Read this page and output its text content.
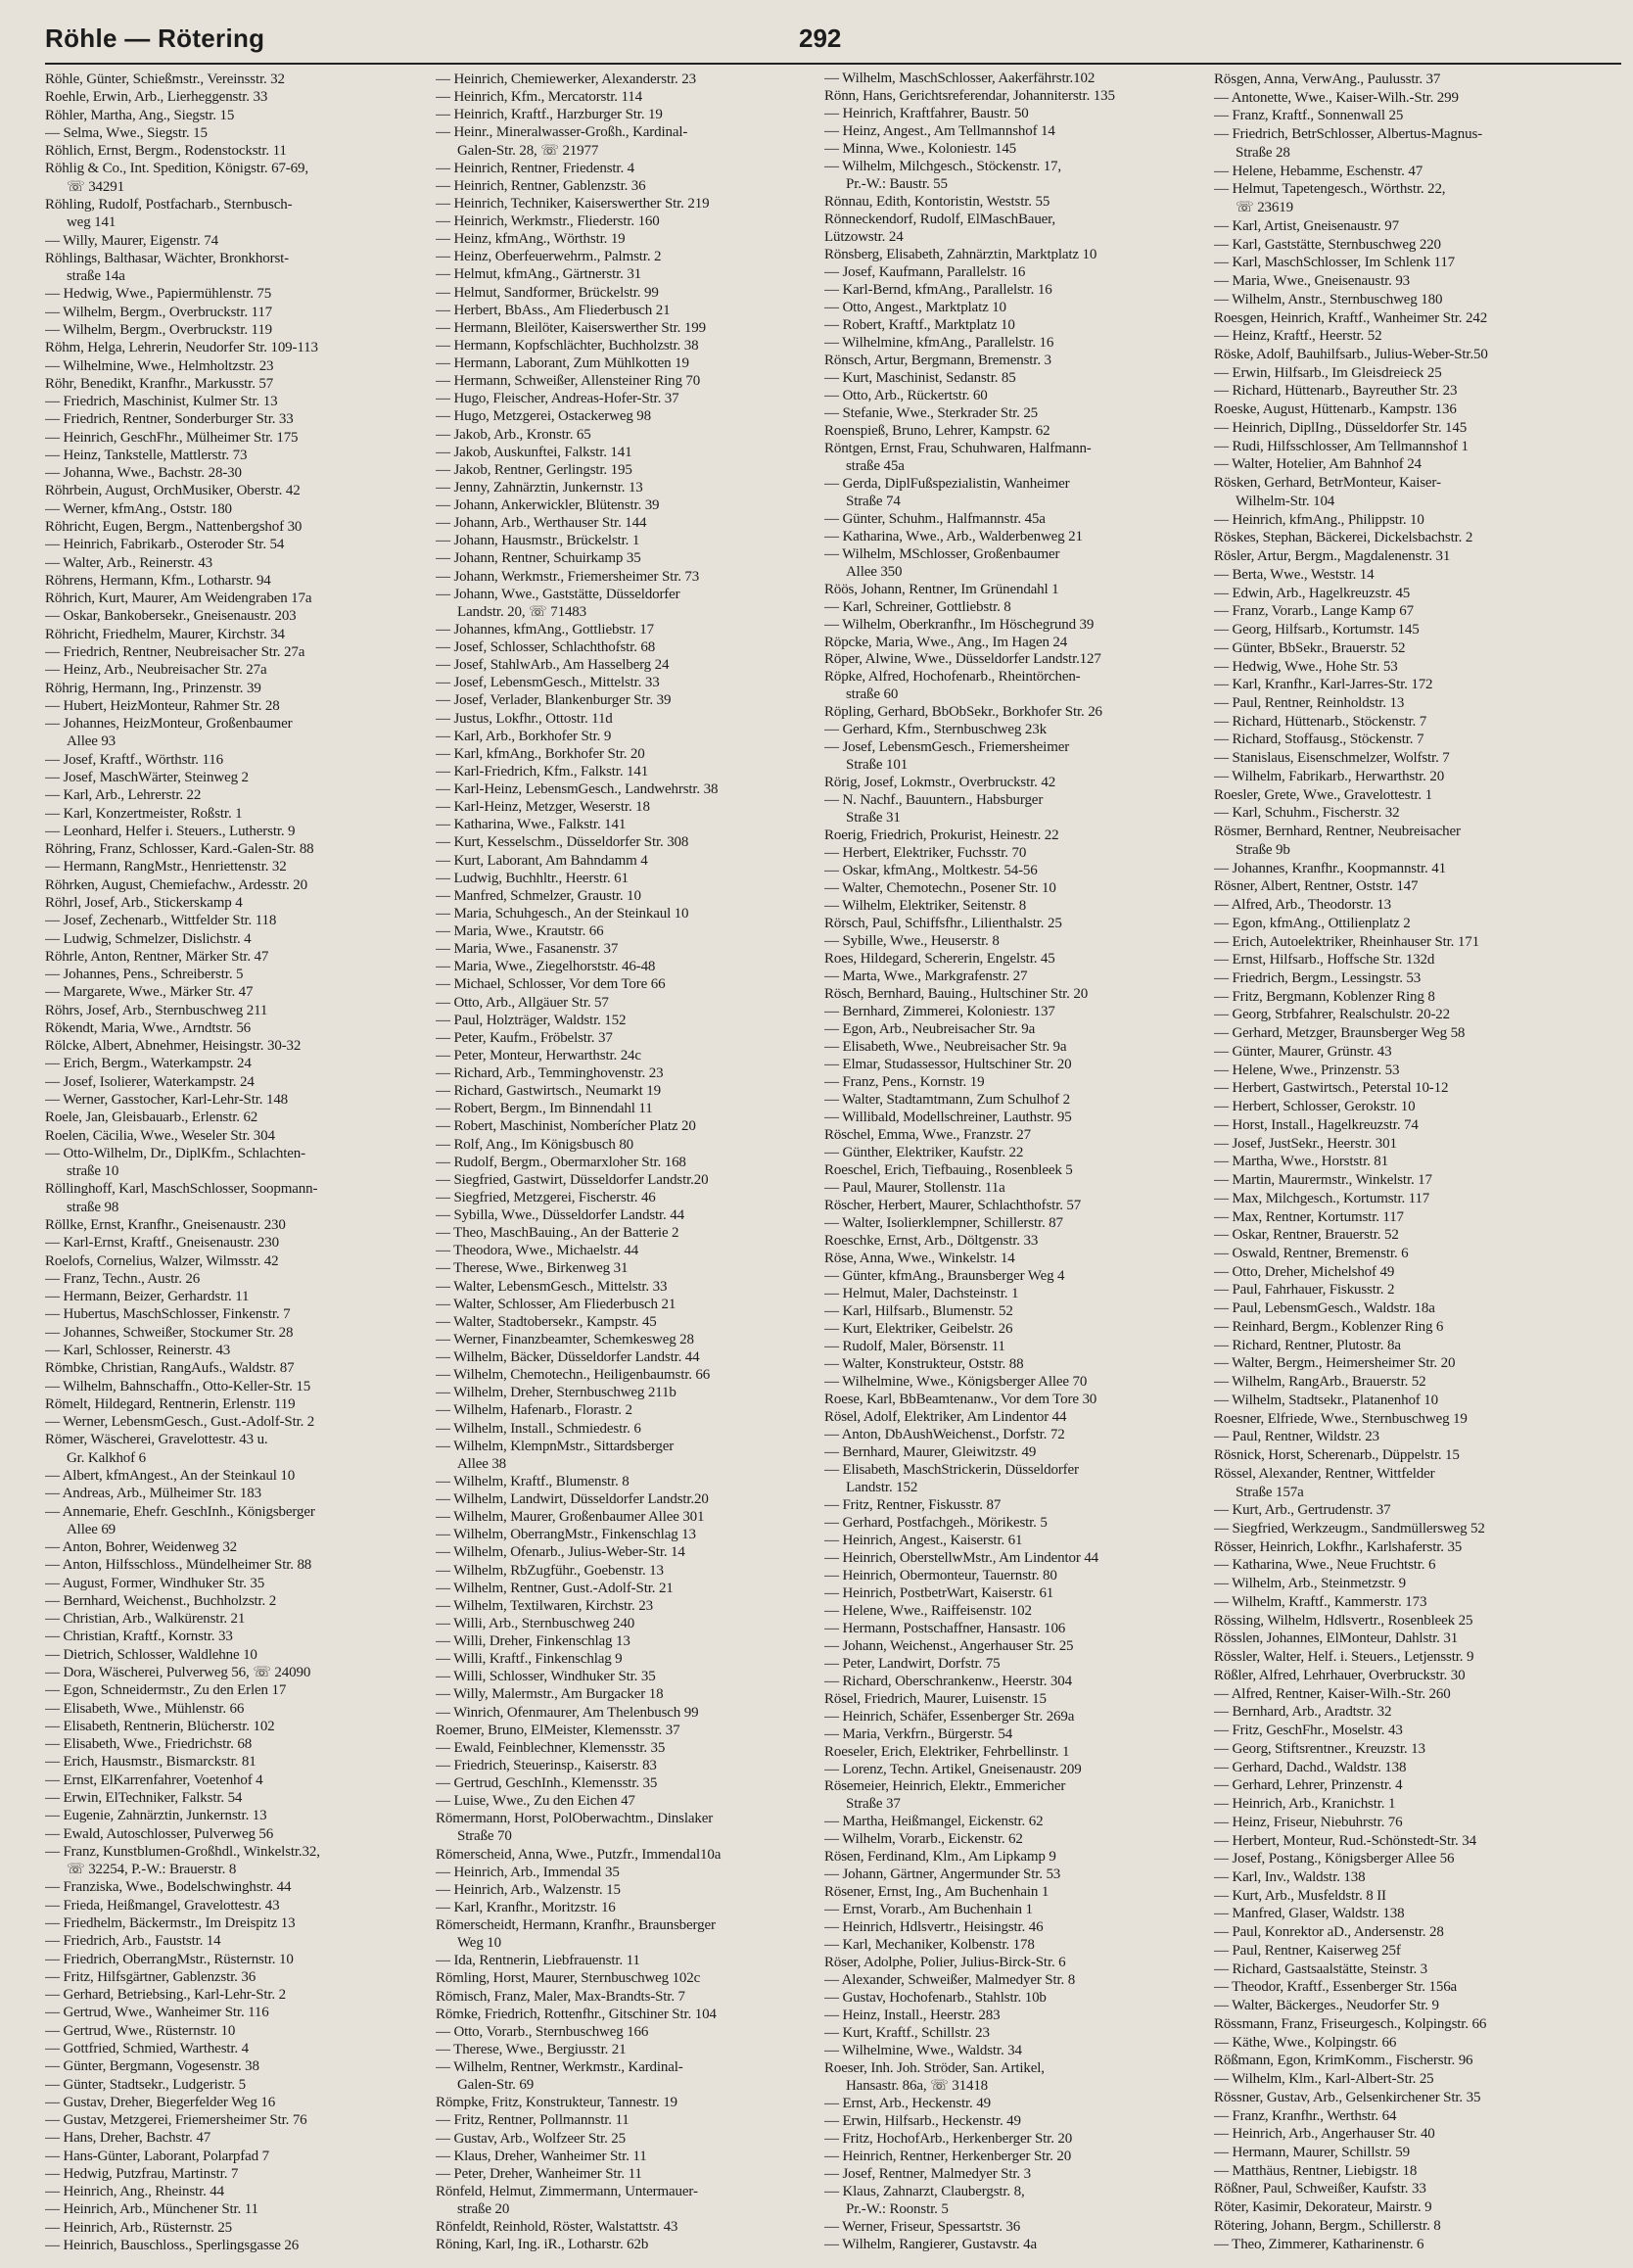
Röhle — Rötering	292
Röhle, Günter, Schießmstr., Vereinsstr. 32
Roehle, Erwin, Arb., Lierheggenstr. 33
Röhler, Martha, Ang., Siegstr. 15
— Selma, Wwe., Siegstr. 15
Röhlich, Ernst, Bergm., Rodenstockstr. 11
Röhlig & Co., Int. Spedition, Königstr. 67-69,
☏ 34291
Röhling, Rudolf, Postfacharb., Sternbusch-
weg 141
— Willy, Maurer, Eigenstr. 74
Röhlings, Balthasar, Wächter, Bronkhorst-
straße 14a
— Hedwig, Wwe., Papiermühlenstr. 75
— Wilhelm, Bergm., Overbruckstr. 117
— Wilhelm, Bergm., Overbruckstr. 119
Röhm, Helga, Lehrerin, Neudorfer Str. 109-113
— Wilhelmine, Wwe., Helmholtzstr. 23
Röhr, Benedikt, Kranfhr., Markusstr. 57
— Friedrich, Maschinist, Kulmer Str. 13
— Friedrich, Rentner, Sonderburger Str. 33
— Heinrich, GeschFhr., Mülheimer Str. 175
— Heinz, Tankstelle, Mattlerstr. 73
— Johanna, Wwe., Bachstr. 28-30
Röhrbein, August, OrchMusiker, Oberstr. 42
— Werner, kfmAng., Oststr. 180
Röhricht, Eugen, Bergm., Nattenbergshof 30
— Heinrich, Fabrikarb., Osteroder Str. 54
— Walter, Arb., Reinerstr. 43
Röhrens, Hermann, Kfm., Lotharstr. 94
Röhrich, Kurt, Maurer, Am Weidengraben 17a
— Oskar, Bankobersekr., Gneisenaustr. 203
Röhricht, Friedhelm, Maurer, Kirchstr. 34
— Friedrich, Rentner, Neubreisacher Str. 27a
— Heinz, Arb., Neubreisacher Str. 27a
Röhrig, Hermann, Ing., Prinzenstr. 39
— Hubert, HeizMonteur, Rahmer Str. 28
— Johannes, HeizMonteur, Großenbaumer
Allee 93
— Josef, Kraftf., Wörthstr. 116
— Josef, MaschWärter, Steinweg 2
— Karl, Arb., Lehrerstr. 22
— Karl, Konzertmeister, Roßstr. 1
— Leonhard, Helfer i. Steuers., Lutherstr. 9
Röhring, Franz, Schlosser, Kard.-Galen-Str. 88
— Hermann, RangMstr., Henriettenstr. 32
Röhrken, August, Chemiefachw., Ardesstr. 20
Röhrl, Josef, Arb., Stickerskamp 4
— Josef, Zechenarb., Wittfelder Str. 118
— Ludwig, Schmelzer, Dislichstr. 4
Röhrle, Anton, Rentner, Märker Str. 47
— Johannes, Pens., Schreiberstr. 5
— Margarete, Wwe., Märker Str. 47
Röhrs, Josef, Arb., Sternbuschweg 211
Rökendt, Maria, Wwe., Arndtstr. 56
Rölcke, Albert, Abnehmer, Heisingstr. 30-32
— Erich, Bergm., Waterkampstr. 24
— Josef, Isolierer, Waterkampstr. 24
— Werner, Gasstocher, Karl-Lehr-Str. 148
Roele, Jan, Gleisbauarb., Erlenstr. 62
Roelen, Cäcilia, Wwe., Weseler Str. 304
— Otto-Wilhelm, Dr., DiplKfm., Schlachten-
straße 10
Röllinghoff, Karl, MaschSchlosser, Soopmann-
straße 98
Röllke, Ernst, Kranfhr., Gneisenaustr. 230
— Karl-Ernst, Kraftf., Gneisenaustr. 230
Roelofs, Cornelius, Walzer, Wilmsstr. 42
— Franz, Techn., Austr. 26
— Hermann, Beizer, Gerhardstr. 11
— Hubertus, MaschSchlosser, Finkenstr. 7
— Johannes, Schweißer, Stockumer Str. 28
— Karl, Schlosser, Reinerstr. 43
Römbke, Christian, RangAufs., Waldstr. 87
— Wilhelm, Bahnschaffn., Otto-Keller-Str. 15
Römelt, Hildegard, Rentnerin, Erlenstr. 119
— Werner, LebensmGesch., Gust.-Adolf-Str. 2
Römer, Wäscherei, Gravelottestr. 43 u.
Gr. Kalkhof 6
— Albert, kfmAngest., An der Steinkaul 10
— Andreas, Arb., Mülheimer Str. 183
— Annemarie, Ehefr. GeschInh., Königsberger
Allee 69
— Anton, Bohrer, Weidenweg 32
— Anton, Hilfsschloss., Mündelheimer Str. 88
— August, Former, Windhuker Str. 35
— Bernhard, Weichenst., Buchholzstr. 2
— Christian, Arb., Walkürenstr. 21
— Christian, Kraftf., Kornstr. 33
— Dietrich, Schlosser, Waldlehne 10
— Dora, Wäscherei, Pulverweg 56, ☏ 24090
— Egon, Schneidermstr., Zu den Erlen 17
— Elisabeth, Wwe., Mühlenstr. 66
— Elisabeth, Rentnerin, Blücherstr. 102
— Elisabeth, Wwe., Friedrichstr. 68
— Erich, Hausmstr., Bismarckstr. 81
— Ernst, ElKarrenfahrer, Voetenhof 4
— Erwin, ElTechniker, Falkstr. 54
— Eugenie, Zahnärztin, Junkernstr. 13
— Ewald, Autoschlosser, Pulverweg 56
— Franz, Kunstblumen-Großhdl., Winkelstr.32,
☏ 32254, P.-W.: Brauerstr. 8
— Franziska, Wwe., Bodelschwinghstr. 44
— Frieda, Heißmangel, Gravelottestr. 43
— Friedhelm, Bäckermstr., Im Dreispitz 13
— Friedrich, Arb., Fauststr. 14
— Friedrich, OberrangMstr., Rüsternstr. 10
— Fritz, Hilfsgärtner, Gablenzstr. 36
— Gerhard, Betriebsing., Karl-Lehr-Str. 2
— Gertrud, Wwe., Wanheimer Str. 116
— Gertrud, Wwe., Rüsternstr. 10
— Gottfried, Schmied, Warthestr. 4
— Günter, Bergmann, Vogesenstr. 38
— Günter, Stadtsekr., Ludgeristr. 5
— Gustav, Dreher, Biegerfelder Weg 16
— Gustav, Metzgerei, Friemersheimer Str. 76
— Hans, Dreher, Bachstr. 47
— Hans-Günter, Laborant, Polarpfad 7
— Hedwig, Putzfrau, Martinstr. 7
— Heinrich, Ang., Rheinstr. 44
— Heinrich, Arb., Münchener Str. 11
— Heinrich, Arb., Rüsternstr. 25
— Heinrich, Bauschloss., Sperlingsgasse 26
— Heinrich, Chemiewerker, Alexanderstr. 23
— Heinrich, Kfm., Mercatorstr. 114
— Heinrich, Kraftf., Harzburger Str. 19
— Heinr., Mineralwasser-Großh., Kardinal-
Galen-Str. 28, ☏ 21977
— Heinrich, Rentner, Friedenstr. 4
— Heinrich, Rentner, Gablenzstr. 36
— Heinrich, Techniker, Kaiserswerther Str. 219
— Heinrich, Werkmstr., Fliederstr. 160
— Heinz, kfmAng., Wörthstr. 19
— Heinz, Oberfeuerwehrm., Palmstr. 2
— Helmut, kfmAng., Gärtnerstr. 31
— Helmut, Sandformer, Brückelstr. 99
— Herbert, BbAss., Am Fliederbusch 21
— Hermann, Bleilöter, Kaiserswerther Str. 199
— Hermann, Kopfschlächter, Buchholzstr. 38
— Hermann, Laborant, Zum Mühlkotten 19
— Hermann, Schweißer, Allensteiner Ring 70
— Hugo, Fleischer, Andreas-Hofer-Str. 37
— Hugo, Metzgerei, Ostackerweg 98
— Jakob, Arb., Kronstr. 65
— Jakob, Auskunftei, Falkstr. 141
— Jakob, Rentner, Gerlingstr. 195
— Jenny, Zahnärztin, Junkernstr. 13
— Johann, Ankerwickler, Blütenstr. 39
— Johann, Arb., Werthauser Str. 144
— Johann, Hausmstr., Brückelstr. 1
— Johann, Rentner, Schuirkamp 35
— Johann, Werkmstr., Friemersheimer Str. 73
— Johann, Wwe., Gaststätte, Düsseldorfer
Landstr. 20, ☏ 71483
— Johannes, kfmAng., Gottliebstr. 17
— Josef, Schlosser, Schlachthofstr. 68
— Josef, StahlwArb., Am Hasselberg 24
— Josef, LebensmGesch., Mittelstr. 33
— Josef, Verlader, Blankenburger Str. 39
— Justus, Lokfhr., Ottostr. 11d
— Karl, Arb., Borkhofer Str. 9
— Karl, kfmAng., Borkhofer Str. 20
— Karl-Friedrich, Kfm., Falkstr. 141
— Karl-Heinz, LebensmGesch., Landwehrstr. 38
— Karl-Heinz, Metzger, Weserstr. 18
— Katharina, Wwe., Falkstr. 141
— Kurt, Kesselschm., Düsseldorfer Str. 308
— Kurt, Laborant, Am Bahndamm 4
— Ludwig, Buchhltr., Heerstr. 61
— Manfred, Schmelzer, Graustr. 10
— Maria, Schuhgesch., An der Steinkaul 10
— Maria, Wwe., Krautstr. 66
— Maria, Wwe., Fasanenstr. 37
— Maria, Wwe., Ziegelhorststr. 46-48
— Michael, Schlosser, Vor dem Tore 66
— Otto, Arb., Allgäuer Str. 57
— Paul, Holzträger, Waldstr. 152
— Peter, Kaufm., Fröbelstr. 37
— Peter, Monteur, Herwarthstr. 24c
— Richard, Arb., Temminghovenstr. 23
— Richard, Gastwirtsch., Neumarkt 19
— Robert, Bergm., Im Binnendahl 11
— Robert, Maschinist, Nomberícher Platz 20
— Rolf, Ang., Im Königsbusch 80
— Rudolf, Bergm., Obermarxloher Str. 168
— Siegfried, Gastwirt, Düsseldorfer Landstr.20
— Siegfried, Metzgerei, Fischerstr. 46
— Sybilla, Wwe., Düsseldorfer Landstr. 44
— Theo, MaschBauing., An der Batterie 2
— Theodora, Wwe., Michaelstr. 44
— Therese, Wwe., Birkenweg 31
— Walter, LebensmGesch., Mittelstr. 33
— Walter, Schlosser, Am Fliederbusch 21
— Walter, Stadtobersekr., Kampstr. 45
— Werner, Finanzbeamter, Schemkesweg 28
— Wilhelm, Bäcker, Düsseldorfer Landstr. 44
— Wilhelm, Chemotechn., Heiligenbaumstr. 66
— Wilhelm, Dreher, Sternbuschweg 211b
— Wilhelm, Hafenarb., Florastr. 2
— Wilhelm, Install., Schmiedestr. 6
— Wilhelm, KlempnMstr., Sittardsberger
Allee 38
— Wilhelm, Kraftf., Blumenstr. 8
— Wilhelm, Landwirt, Düsseldorfer Landstr.20
— Wilhelm, Maurer, Großenbaumer Allee 301
— Wilhelm, OberrangMstr., Finkenschlag 13
— Wilhelm, Ofenarb., Julius-Weber-Str. 14
— Wilhelm, RbZugführ., Goebenstr. 13
— Wilhelm, Rentner, Gust.-Adolf-Str. 21
— Wilhelm, Textilwaren, Kirchstr. 23
— Willi, Arb., Sternbuschweg 240
— Willi, Dreher, Finkenschlag 13
— Willi, Kraftf., Finkenschlag 9
— Willi, Schlosser, Windhuker Str. 35
— Willy, Malermstr., Am Burgacker 18
— Winrich, Ofenmaurer, Am Thelenbusch 99
Roemer, Bruno, ElMeister, Klemensstr. 37
— Ewald, Feinblechner, Klemensstr. 35
— Friedrich, Steuerinsp., Kaiserstr. 83
— Gertrud, GeschInh., Klemensstr. 35
— Luise, Wwe., Zu den Eichen 47
Römermann, Horst, PolOberwachtm., Dinslaker
Straße 70
Römerscheid, Anna, Wwe., Putzfr., Immendal10a
— Heinrich, Arb., Immendal 35
— Heinrich, Arb., Walzenstr. 15
— Karl, Kranfhr., Moritzstr. 16
Römerscheidt, Hermann, Kranfhr., Braunsberger
Weg 10
— Ida, Rentnerin, Liebfrauenstr. 11
Römling, Horst, Maurer, Sternbuschweg 102c
Römisch, Franz, Maler, Max-Brandts-Str. 7
Römke, Friedrich, Rottenfhr., Gitschiner Str. 104
— Otto, Vorarb., Sternbuschweg 166
— Therese, Wwe., Bergiusstr. 21
— Wilhelm, Rentner, Werkmstr., Kardinal-
Galen-Str. 69
Römpke, Fritz, Konstrukteur, Tannestr. 19
— Fritz, Rentner, Pollmannstr. 11
— Gustav, Arb., Wolfzeer Str. 25
— Klaus, Dreher, Wanheimer Str. 11
— Peter, Dreher, Wanheimer Str. 11
Rönfeld, Helmut, Zimmermann, Untermauer-
straße 20
Rönfeldt, Reinhold, Röster, Walstattstr. 43
Röning, Karl, Ing. iR., Lotharstr. 62b
— Wilhelm, MaschSchlosser, Aakerfährstr.102
Rönn, Hans, Gerichtsreferendar, Johanniterstr. 135
— Heinrich, Kraftfahrer, Baustr. 50
— Heinz, Angest., Am Tellmannshof 14
— Minna, Wwe., Koloniestr. 145
— Wilhelm, Milchgesch., Stöckenstr. 17,
Pr.-W.: Baustr. 55
Rönnau, Edith, Kontoristin, Weststr. 55
Rönneckendorf, Rudolf, ElMaschBauer,
Lützowstr. 24
Rönsberg, Elisabeth, Zahnärztin, Marktplatz 10
— Josef, Kaufmann, Parallelstr. 16
— Karl-Bernd, kfmAng., Parallelstr. 16
— Otto, Angest., Marktplatz 10
— Robert, Kraftf., Marktplatz 10
— Wilhelmine, kfmAng., Parallelstr. 16
Rönsch, Artur, Bergmann, Bremenstr. 3
— Kurt, Maschinist, Sedanstr. 85
— Otto, Arb., Rückertstr. 60
— Stefanie, Wwe., Sterkrader Str. 25
Roenspieß, Bruno, Lehrer, Kampstr. 62
Röntgen, Ernst, Frau, Schuhwaren, Halfmann-
straße 45a
— Gerda, DiplFußspezialistin, Wanheimer
Straße 74
— Günter, Schuhm., Halfmannstr. 45a
— Katharina, Wwe., Arb., Walderbenweg 21
— Wilhelm, MSchlosser, Großenbaumer
Allee 350
Röös, Johann, Rentner, Im Grünendahl 1
— Karl, Schreiner, Gottliebstr. 8
— Wilhelm, Oberkranfhr., Im Höschegrund 39
Röpcke, Maria, Wwe., Ang., Im Hagen 24
Röper, Alwine, Wwe., Düsseldorfer Landstr.127
Röpke, Alfred, Hochofenarb., Rheintörchen-
straße 60
Röpling, Gerhard, BbObSekr., Borkhofer Str. 26
— Gerhard, Kfm., Sternbuschweg 23k
— Josef, LebensmGesch., Friemersheimer
Straße 101
Rörig, Josef, Lokmstr., Overbruckstr. 42
— N. Nachf., Bauuntern., Habsburger
Straße 31
Roerig, Friedrich, Prokurist, Heinestr. 22
— Herbert, Elektriker, Fuchsstr. 70
— Oskar, kfmAng., Moltkestr. 54-56
— Walter, Chemotechn., Posener Str. 10
— Wilhelm, Elektriker, Seitenstr. 8
Rörsch, Paul, Schiffsfhr., Lilienthalstr. 25
— Sybille, Wwe., Heuserstr. 8
Roes, Hildegard, Schererin, Engelstr. 45
— Marta, Wwe., Markgrafenstr. 27
Rösch, Bernhard, Bauing., Hultschiner Str. 20
— Bernhard, Zimmerei, Koloniestr. 137
— Egon, Arb., Neubreisacher Str. 9a
— Elisabeth, Wwe., Neubreisacher Str. 9a
— Elmar, Studassessor, Hultschiner Str. 20
— Franz, Pens., Kornstr. 19
— Walter, Stadtamtmann, Zum Schulhof 2
— Willibald, Modellschreiner, Lauthstr. 95
Röschel, Emma, Wwe., Franzstr. 27
— Günther, Elektriker, Kaufstr. 22
Roeschel, Erich, Tiefbauing., Rosenbleek 5
— Paul, Maurer, Stollenstr. 11a
Röscher, Herbert, Maurer, Schlachthofstr. 57
— Walter, Isolierklempner, Schillerstr. 87
Roeschke, Ernst, Arb., Döltgenstr. 33
Röse, Anna, Wwe., Winkelstr. 14
— Günter, kfmAng., Braunsberger Weg 4
— Helmut, Maler, Dachsteinstr. 1
— Karl, Hilfsarb., Blumenstr. 52
— Kurt, Elektriker, Geibelstr. 26
— Rudolf, Maler, Börsenstr. 11
— Walter, Konstrukteur, Oststr. 88
— Wilhelmine, Wwe., Königsberger Allee 70
Roese, Karl, BbBeamtenanw., Vor dem Tore 30
Rösel, Adolf, Elektriker, Am Lindentor 44
— Anton, DbAushWeichenst., Dorfstr. 72
— Bernhard, Maurer, Gleiwitzstr. 49
— Elisabeth, MaschStrickerin, Düsseldorfer
Landstr. 152
— Fritz, Rentner, Fiskusstr. 87
— Gerhard, Postfachgeh., Mörikestr. 5
— Heinrich, Angest., Kaiserstr. 61
— Heinrich, OberstellwMstr., Am Lindentor 44
— Heinrich, Obermonteur, Tauernstr. 80
— Heinrich, PostbetrWart, Kaiserstr. 61
— Helene, Wwe., Raiffeisenstr. 102
— Hermann, Postschaffner, Hansastr. 106
— Johann, Weichenst., Angerhauser Str. 25
— Peter, Landwirt, Dorfstr. 75
— Richard, Oberschrankenw., Heerstr. 304
Rösel, Friedrich, Maurer, Luisenstr. 15
— Heinrich, Schäfer, Essenberger Str. 269a
— Maria, Verkfrn., Bürgerstr. 54
Roeseler, Erich, Elektriker, Fehrbellinstr. 1
— Lorenz, Techn. Artikel, Gneisenaustr. 209
Rösemeier, Heinrich, Elektr., Emmericher
Straße 37
— Martha, Heißmangel, Eickenstr. 62
— Wilhelm, Vorarb., Eickenstr. 62
Rösen, Ferdinand, Klm., Am Lipkamp 9
— Johann, Gärtner, Angermunder Str. 53
Rösener, Ernst, Ing., Am Buchenhain 1
— Ernst, Vorarb., Am Buchenhain 1
— Heinrich, Hdlsvertr., Heisingstr. 46
— Karl, Mechaniker, Kolbenstr. 178
Röser, Adolphe, Polier, Julius-Birck-Str. 6
— Alexander, Schweißer, Malmedyer Str. 8
— Gustav, Hochofenarb., Stahlstr. 10b
— Heinz, Install., Heerstr. 283
— Kurt, Kraftf., Schillstr. 23
— Wilhelmine, Wwe., Waldstr. 34
Roeser, Inh. Joh. Ströder, San. Artikel,
Hansastr. 86a, ☏ 31418
— Ernst, Arb., Heckenstr. 49
— Erwin, Hilfsarb., Heckenstr. 49
— Fritz, HochofArb., Herkenberger Str. 20
— Heinrich, Rentner, Herkenberger Str. 20
— Josef, Rentner, Malmedyer Str. 3
— Klaus, Zahnarzt, Claubergstr. 8,
Pr.-W.: Roonstr. 5
— Werner, Friseur, Spessartstr. 36
— Wilhelm, Rangierer, Gustavstr. 4a
Rösgen, Anna, VerwAng., Paulusstr. 37
— Antonette, Wwe., Kaiser-Wilh.-Str. 299
— Franz, Kraftf., Sonnenwall 25
— Friedrich, BetrSchlosser, Albertus-Magnus-
Straße 28
— Helene, Hebamme, Eschenstr. 47
— Helmut, Tapetengesch., Wörthstr. 22,
☏ 23619
— Karl, Artist, Gneisenaustr. 97
— Karl, Gaststätte, Sternbuschweg 220
— Karl, MaschSchlosser, Im Schlenk 117
— Maria, Wwe., Gneisenaustr. 93
— Wilhelm, Anstr., Sternbuschweg 180
Roesgen, Heinrich, Kraftf., Wanheimer Str. 242
— Heinz, Kraftf., Heerstr. 52
Röske, Adolf, Bauhilfsarb., Julius-Weber-Str.50
— Erwin, Hilfsarb., Im Gleisdreieck 25
— Richard, Hüttenarb., Bayreuther Str. 23
Roeske, August, Hüttenarb., Kampstr. 136
— Heinrich, DiplIng., Düsseldorfer Str. 145
— Rudi, Hilfsschlosser, Am Tellmannshof 1
— Walter, Hotelier, Am Bahnhof 24
Rösken, Gerhard, BetrMonteur, Kaiser-
Wilhelm-Str. 104
— Heinrich, kfmAng., Philippstr. 10
Röskes, Stephan, Bäckerei, Dickelsbachstr. 2
Rösler, Artur, Bergm., Magdalenenstr. 31
— Berta, Wwe., Weststr. 14
— Edwin, Arb., Hagelkreuzstr. 45
— Franz, Vorarb., Lange Kamp 67
— Georg, Hilfsarb., Kortumstr. 145
— Günter, BbSekr., Brauerstr. 52
— Hedwig, Wwe., Hohe Str. 53
— Karl, Kranfhr., Karl-Jarres-Str. 172
— Paul, Rentner, Reinholdstr. 13
— Richard, Hüttenarb., Stöckenstr. 7
— Richard, Stoffausg., Stöckenstr. 7
— Stanislaus, Eisenschmelzer, Wolfstr. 7
— Wilhelm, Fabrikarb., Herwarthstr. 20
Roesler, Grete, Wwe., Gravelottestr. 1
— Karl, Schuhm., Fischerstr. 32
Rösmer, Bernhard, Rentner, Neubreisacher
Straße 9b
— Johannes, Kranfhr., Koopmannstr. 41
Rösner, Albert, Rentner, Oststr. 147
— Alfred, Arb., Theodorstr. 13
— Egon, kfmAng., Ottilienplatz 2
— Erich, Autoelektriker, Rheinhauser Str. 171
— Ernst, Hilfsarb., Hoffsche Str. 132d
— Friedrich, Bergm., Lessingstr. 53
— Fritz, Bergmann, Koblenzer Ring 8
— Georg, Strbfahrer, Realschulstr. 20-22
— Gerhard, Metzger, Braunsberger Weg 58
— Günter, Maurer, Grünstr. 43
— Helene, Wwe., Prinzenstr. 53
— Herbert, Gastwirtsch., Peterstal 10-12
— Herbert, Schlosser, Gerokstr. 10
— Horst, Install., Hagelkreuzstr. 74
— Josef, JustSekr., Heerstr. 301
— Martha, Wwe., Horststr. 81
— Martin, Maurermstr., Winkelstr. 17
— Max, Milchgesch., Kortumstr. 117
— Max, Rentner, Kortumstr. 117
— Oskar, Rentner, Brauerstr. 52
— Oswald, Rentner, Bremenstr. 6
— Otto, Dreher, Michelshof 49
— Paul, Fahrhauer, Fiskusstr. 2
— Paul, LebensmGesch., Waldstr. 18a
— Reinhard, Bergm., Koblenzer Ring 6
— Richard, Rentner, Plutostr. 8a
— Walter, Bergm., Heimersheimer Str. 20
— Wilhelm, RangArb., Brauerstr. 52
— Wilhelm, Stadtsekr., Platanenhof 10
Roesner, Elfriede, Wwe., Sternbuschweg 19
— Paul, Rentner, Wildstr. 23
Rösnick, Horst, Scherenarb., Düppelstr. 15
Rössel, Alexander, Rentner, Wittfelder
Straße 157a
— Kurt, Arb., Gertrudenstr. 37
— Siegfried, Werkzeugm., Sandmüllersweg 52
Rösser, Heinrich, Lokfhr., Karlshaferstr. 35
— Katharina, Wwe., Neue Fruchtstr. 6
— Wilhelm, Arb., Steinmetzstr. 9
— Wilhelm, Kraftf., Kammerstr. 173
Rössing, Wilhelm, Hdlsvertr., Rosenbleek 25
Rösslen, Johannes, ElMonteur, Dahlstr. 31
Rössler, Walter, Helf. i. Steuers., Letjensstr. 9
Rößler, Alfred, Lehrhauer, Overbruckstr. 30
— Alfred, Rentner, Kaiser-Wilh.-Str. 260
— Bernhard, Arb., Aradtstr. 32
— Fritz, GeschFhr., Moselstr. 43
— Georg, Stiftsrentner., Kreuzstr. 13
— Gerhard, Dachd., Waldstr. 138
— Gerhard, Lehrer, Prinzenstr. 4
— Heinrich, Arb., Kranichstr. 1
— Heinz, Friseur, Niebuhrstr. 76
— Herbert, Monteur, Rud.-Schönstedt-Str. 34
— Josef, Postang., Königsberger Allee 56
— Karl, Inv., Waldstr. 138
— Kurt, Arb., Musfeldstr. 8 II
— Manfred, Glaser, Waldstr. 138
— Paul, Konrektor aD., Andersenstr. 28
— Paul, Rentner, Kaiserweg 25f
— Richard, Gastsaalstätte, Steinstr. 3
— Theodor, Kraftf., Essenberger Str. 156a
— Walter, Bäckerges., Neudorfer Str. 9
Rössmann, Franz, Friseurgesch., Kolpingstr. 66
— Käthe, Wwe., Kolpingstr. 66
Rößmann, Egon, KrimKomm., Fischerstr. 96
— Wilhelm, Klm., Karl-Albert-Str. 25
Rössner, Gustav, Arb., Gelsenkirchener Str. 35
— Franz, Kranfhr., Werthstr. 64
— Heinrich, Arb., Angerhauser Str. 40
— Hermann, Maurer, Schillstr. 59
— Matthäus, Rentner, Liebigstr. 18
Rößner, Paul, Schweißer, Kaufstr. 33
Röter, Kasimir, Dekorateur, Mairstr. 9
Rötering, Johann, Bergm., Schillerstr. 8
— Theo, Zimmerer, Katharinenstr. 6
